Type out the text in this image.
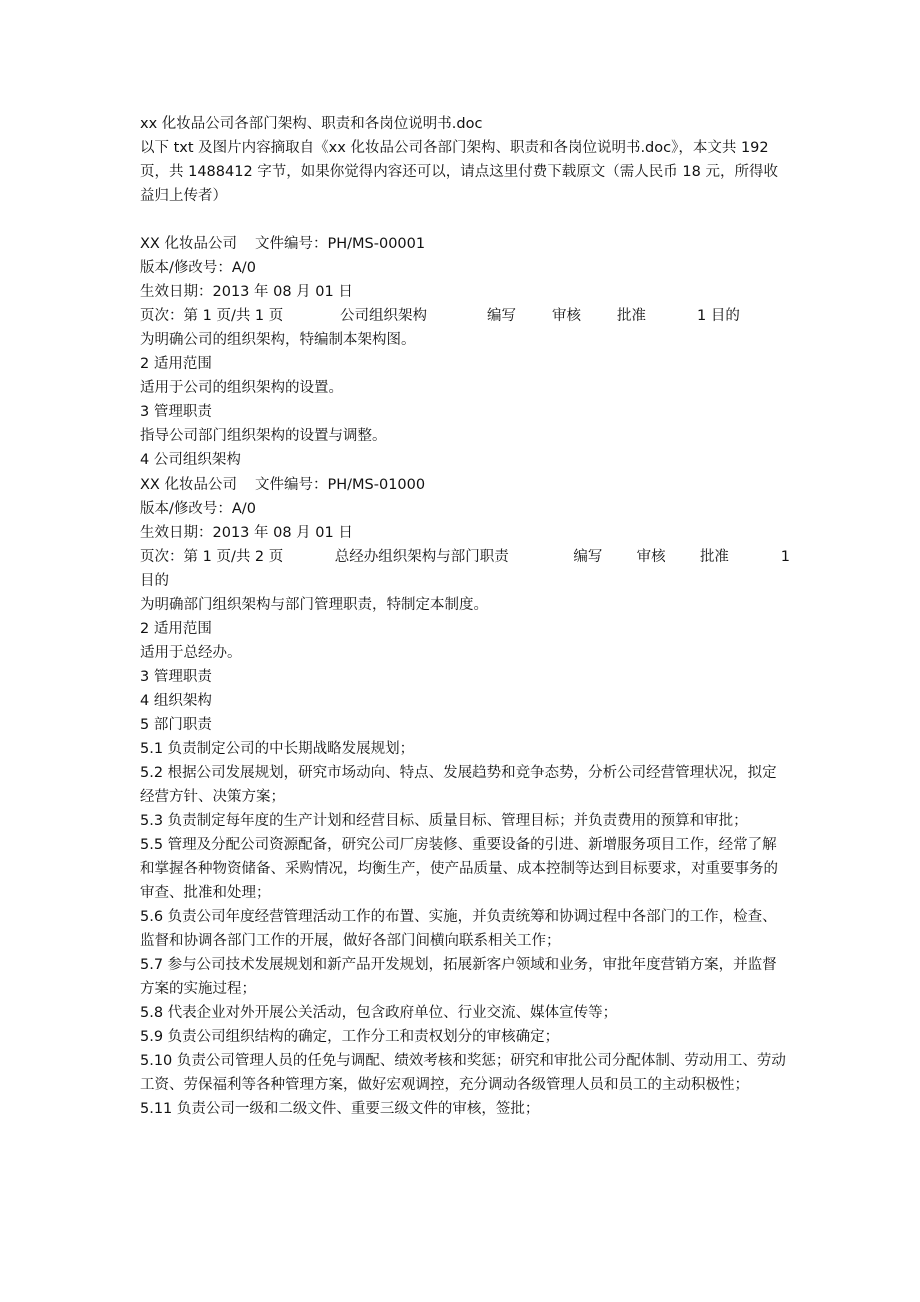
xx 化妆品公司各部门架构、职责和各岗位说明书.doc
以下 txt 及图片内容摘取自《xx 化妆品公司各部门架构、职责和各岗位说明书.doc》，本文共 192 页，共 1488412 字节，如果你觉得内容还可以，请点这里付费下载原文（需人民币 18 元，所得收益归上传者）
XX 化妆品公司 文件编号：PH/MS-00001
版本/修改号：A/0
生效日期：2013 年 08 月 01 日
页次：第 1 页/共 1 页	公司组织架构	编写	审核	批准	1 目的
为明确公司的组织架构，特编制本架构图。
2 适用范围
适用于公司的组织架构的设置。
3 管理职责
指导公司部门组织架构的设置与调整。
4 公司组织架构
XX 化妆品公司 文件编号：PH/MS-01000
版本/修改号：A/0
生效日期：2013 年 08 月 01 日
页次：第 1 页/共 2 页	总经办组织架构与部门职责	编写	审核	批准	1
目的
为明确部门组织架构与部门管理职责，特制定本制度。
2 适用范围
适用于总经办。
3 管理职责
4 组织架构
5 部门职责
5.1 负责制定公司的中长期战略发展规划；
5.2 根据公司发展规划，研究市场动向、特点、发展趋势和竞争态势，分析公司经营管理状况，拟定经营方针、决策方案；
5.3 负责制定每年度的生产计划和经营目标、质量目标、管理目标；并负责费用的预算和审批；
5.5 管理及分配公司资源配备，研究公司厂房装修、重要设备的引进、新增服务项目工作，经常了解和掌握各种物资储备、采购情况，均衡生产，使产品质量、成本控制等达到目标要求，对重要事务的审查、批准和处理；
5.6 负责公司年度经营管理活动工作的布置、实施，并负责统筹和协调过程中各部门的工作，检查、监督和协调各部门工作的开展，做好各部门间横向联系相关工作；
5.7 参与公司技术发展规划和新产品开发规划，拓展新客户领域和业务，审批年度营销方案，并监督方案的实施过程；
5.8 代表企业对外开展公关活动，包含政府单位、行业交流、媒体宣传等；
5.9 负责公司组织结构的确定，工作分工和责权划分的审核确定；
5.10 负责公司管理人员的任免与调配、绩效考核和奖惩；研究和审批公司分配体制、劳动用工、劳动工资、劳保福利等各种管理方案，做好宏观调控，充分调动各级管理人员和员工的主动积极性；
5.11 负责公司一级和二级文件、重要三级文件的审核，签批；
